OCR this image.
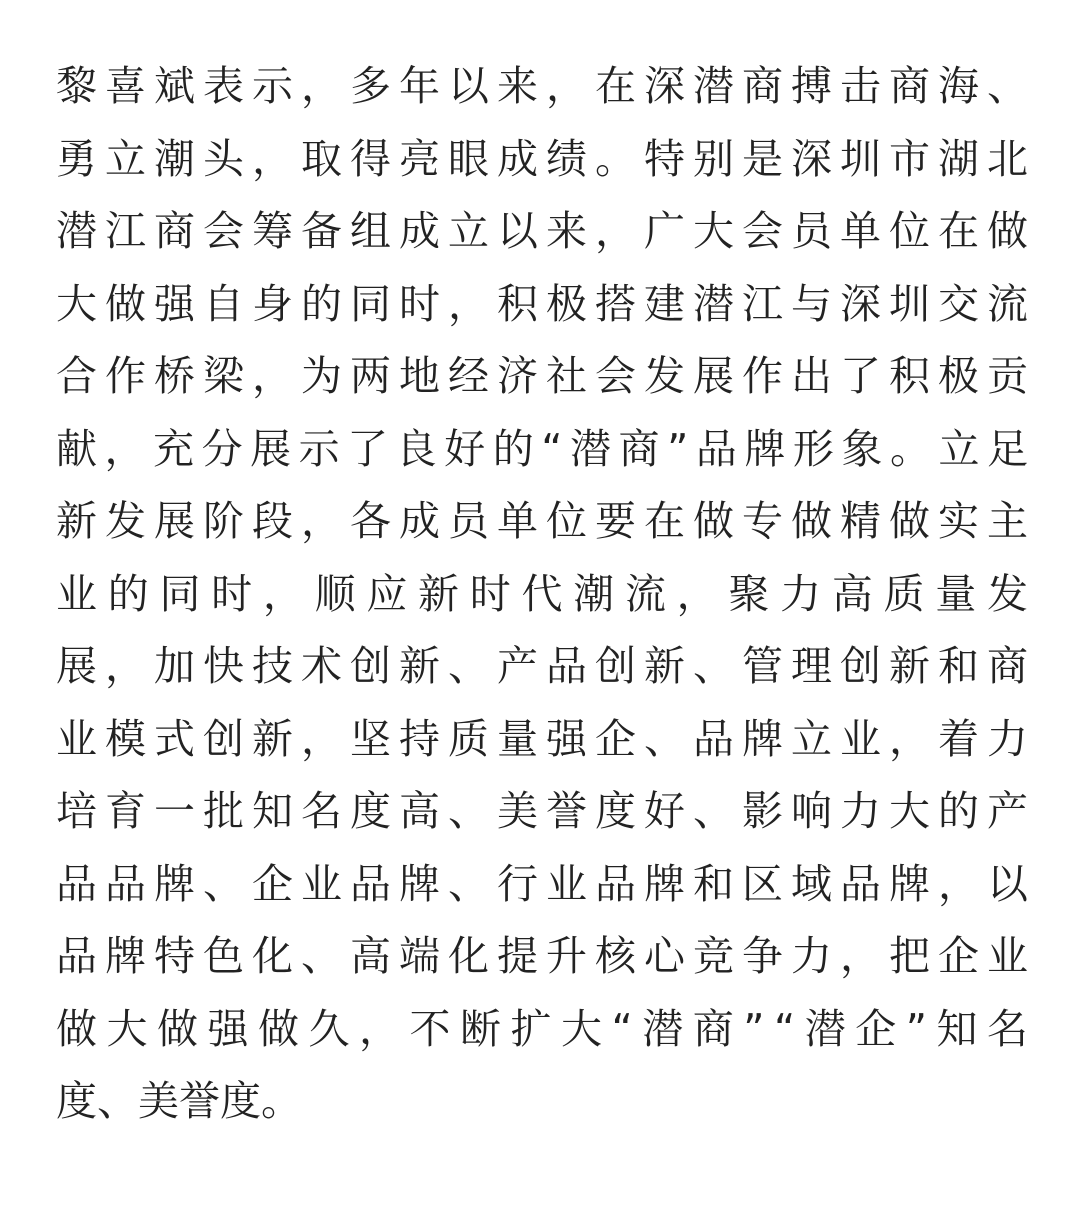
黎喜斌表示，多年以来，在深潜商搏击商海、
勇立潮头，取得亮眼成绩。特别是深圳市湖北
潜江商会筹备组成立以来，广大会员单位在做
大做强自身的同时，积极搭建潜江与深圳交流
合作桥梁，为两地经济社会发展作出了积极贡
献，充分展示了良好的“潜商”品牌形象。立足
新发展阶段，各成员单位要在做专做精做实主
业的同时，顺应新时代潮流，聚力高质量发
展，加快技术创新、产品创新、管理创新和商
业模式创新，坚持质量强企、品牌立业，着力
培育一批知名度高、美誉度好、影响力大的产
品品牌、企业品牌、行业品牌和区域品牌，以
品牌特色化、高端化提升核心竞争力，把企业
做大做强做久，不断扩大“潜商”“潜企”知名
度、美誉度。
